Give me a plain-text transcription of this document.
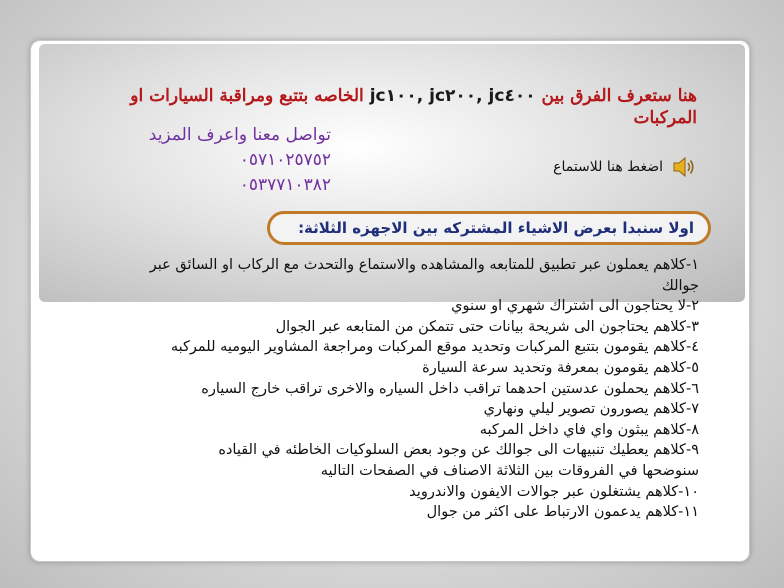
هنا ستعرف الفرق بين jc١٠٠, jc٢٠٠, jc٤٠٠ الخاصه بتتبع ومراقبة السيارات او المركبات
تواصل معنا واعرف المزيد
٠٥٧١٠٢٥٧٥٢
٠٥٣٧٧١٠٣٨٢
اضغط هنا للاستماع
اولا سنبدا بعرض الاشياء المشتركه بين الاجهزه الثلاثة:
١-كلاهم يعملون عبر تطبيق للمتابعه والمشاهده والاستماع والتحدث مع الركاب او السائق عبر جوالك
٢-لا يحتاجون الى اشتراك شهري او سنوي
٣-كلاهم يحتاجون الى شريحة بيانات حتى تتمكن من المتابعه عبر الجوال
٤-كلاهم يقومون بتتبع المركبات وتحديد موقع المركبات ومراجعة المشاوير اليوميه للمركبه
٥-كلاهم يقومون بمعرفة وتحديد سرعة السيارة
٦-كلاهم يحملون عدستين احدهما تراقب داخل السياره والاخرى تراقب خارج السياره
٧-كلاهم يصورون تصوير ليلي ونهاري
٨-كلاهم يبثون واي فاي داخل المركبه
٩-كلاهم يعطيك تنبيهات الى جوالك عن وجود بعض السلوكيات الخاطئه في القياده
سنوضحها في الفروقات بين الثلاثة الاصناف في الصفحات التاليه
١٠-كلاهم يشتغلون عبر جوالات الايفون والاندرويد
١١-كلاهم يدعمون الارتباط على اكثر من جوال
